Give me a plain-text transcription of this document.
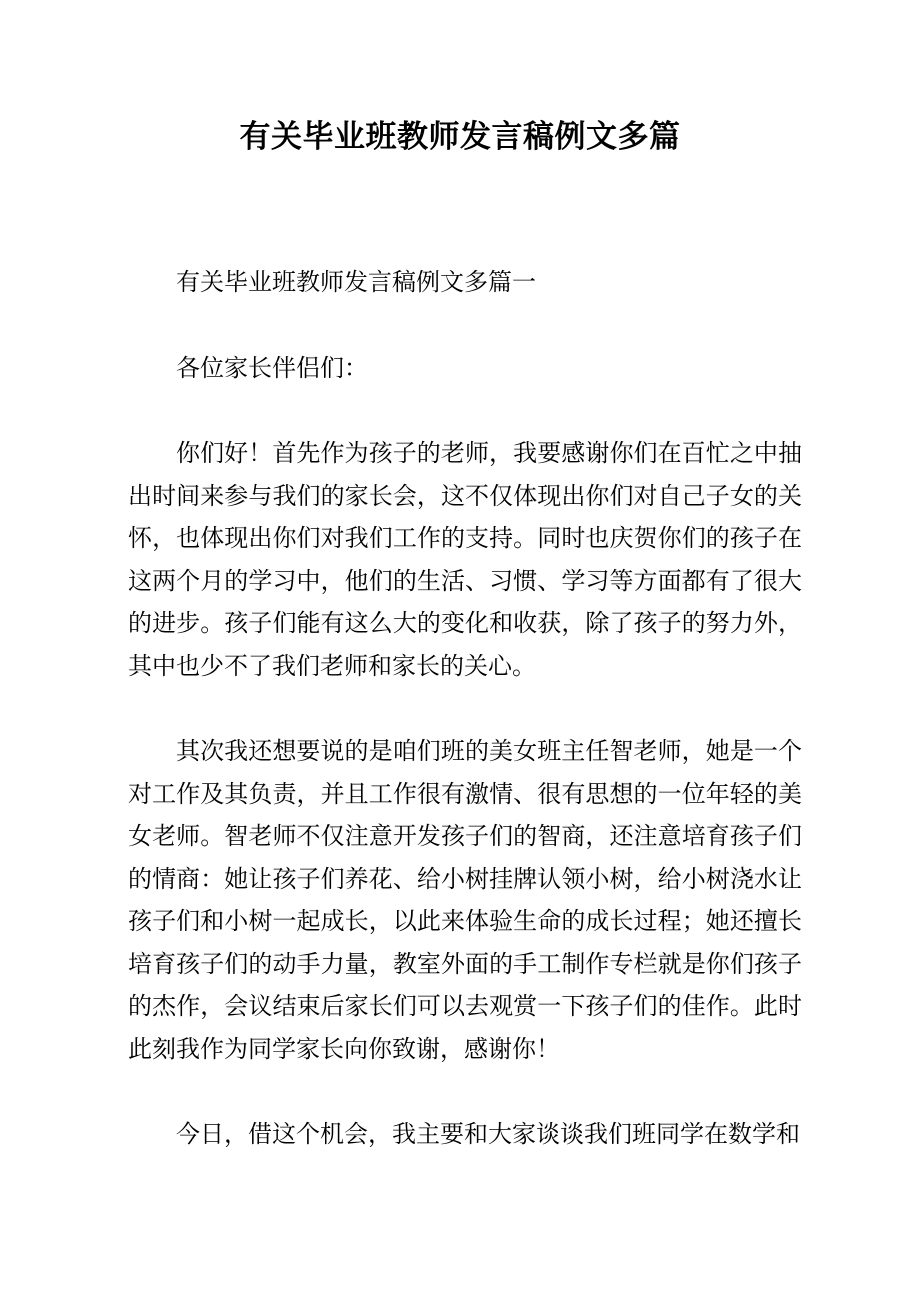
有关毕业班教师发言稿例文多篇

有关毕业班教师发言稿例文多篇一

各位家长伴侣们：

你们好！首先作为孩子的老师，我要感谢你们在百忙之中抽出时间来参与我们的家长会，这不仅体现出你们对自己子女的关怀，也体现出你们对我们工作的支持。同时也庆贺你们的孩子在这两个月的学习中，他们的生活、习惯、学习等方面都有了很大的进步。孩子们能有这么大的变化和收获，除了孩子的努力外，其中也少不了我们老师和家长的关心。

其次我还想要说的是咱们班的美女班主任智老师，她是一个对工作及其负责，并且工作很有激情、很有思想的一位年轻的美女老师。智老师不仅注意开发孩子们的智商，还注意培育孩子们的情商：她让孩子们养花、给小树挂牌认领小树，给小树浇水让孩子们和小树一起成长，以此来体验生命的成长过程；她还擅长培育孩子们的动手力量，教室外面的手工制作专栏就是你们孩子的杰作，会议结束后家长们可以去观赏一下孩子们的佳作。此时此刻我作为同学家长向你致谢，感谢你！

今日，借这个机会，我主要和大家谈谈我们班同学在数学和
